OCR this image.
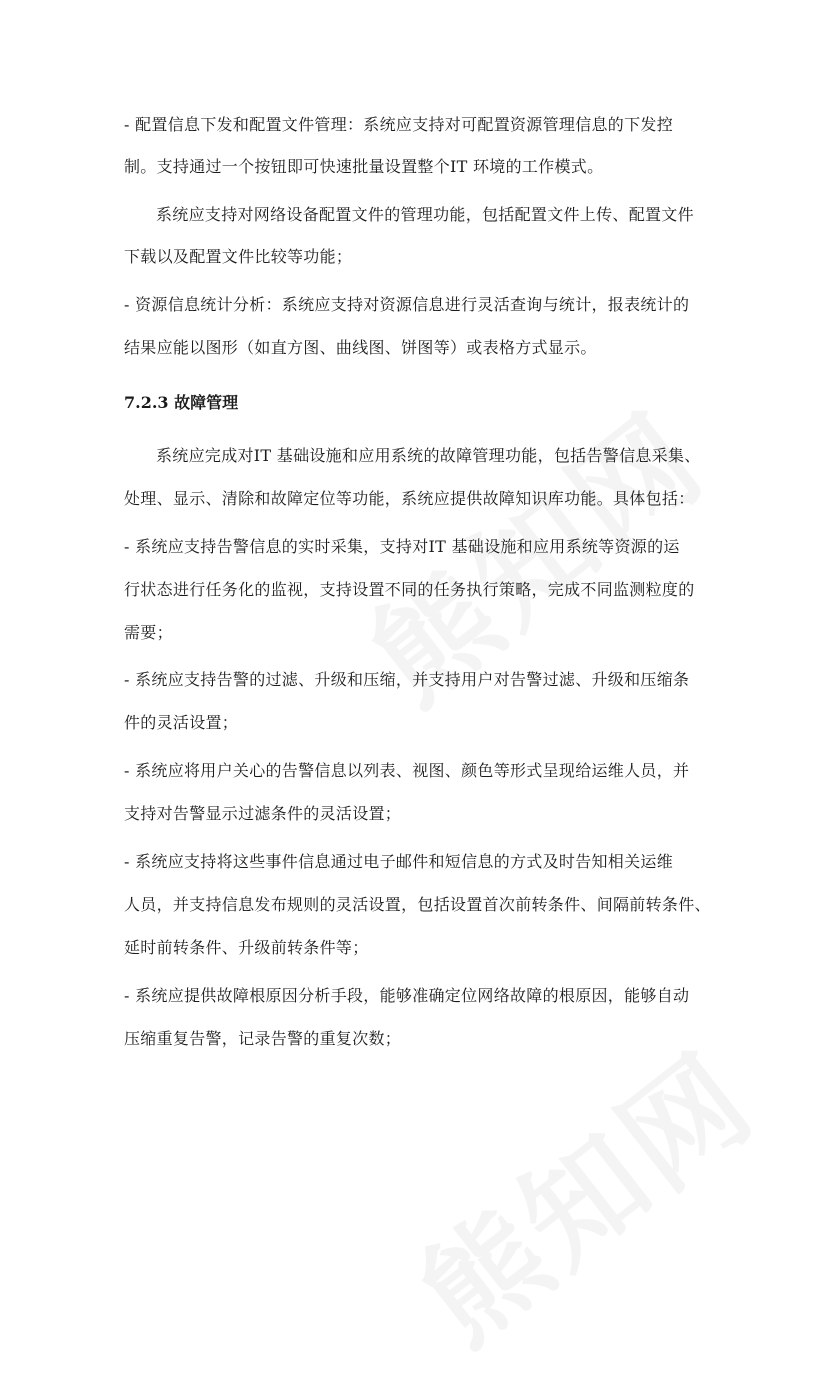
- 配置信息下发和配置文件管理：系统应支持对可配置资源管理信息的下发控
制。支持通过一个按钮即可快速批量设置整个IT 环境的工作模式。
系统应支持对网络设备配置文件的管理功能，包括配置文件上传、配置文件
下载以及配置文件比较等功能；
- 资源信息统计分析：系统应支持对资源信息进行灵活查询与统计，报表统计的
结果应能以图形（如直方图、曲线图、饼图等）或表格方式显示。
7.2.3 故障管理
系统应完成对IT 基础设施和应用系统的故障管理功能，包括告警信息采集、
处理、显示、清除和故障定位等功能，系统应提供故障知识库功能。具体包括：
- 系统应支持告警信息的实时采集，支持对IT 基础设施和应用系统等资源的运
行状态进行任务化的监视，支持设置不同的任务执行策略，完成不同监测粒度的
需要；
- 系统应支持告警的过滤、升级和压缩，并支持用户对告警过滤、升级和压缩条
件的灵活设置；
- 系统应将用户关心的告警信息以列表、视图、颜色等形式呈现给运维人员，并
支持对告警显示过滤条件的灵活设置；
- 系统应支持将这些事件信息通过电子邮件和短信息的方式及时告知相关运维
人员，并支持信息发布规则的灵活设置，包括设置首次前转条件、间隔前转条件、
延时前转条件、升级前转条件等；
- 系统应提供故障根原因分析手段，能够准确定位网络故障的根原因，能够自动
压缩重复告警，记录告警的重复次数；
